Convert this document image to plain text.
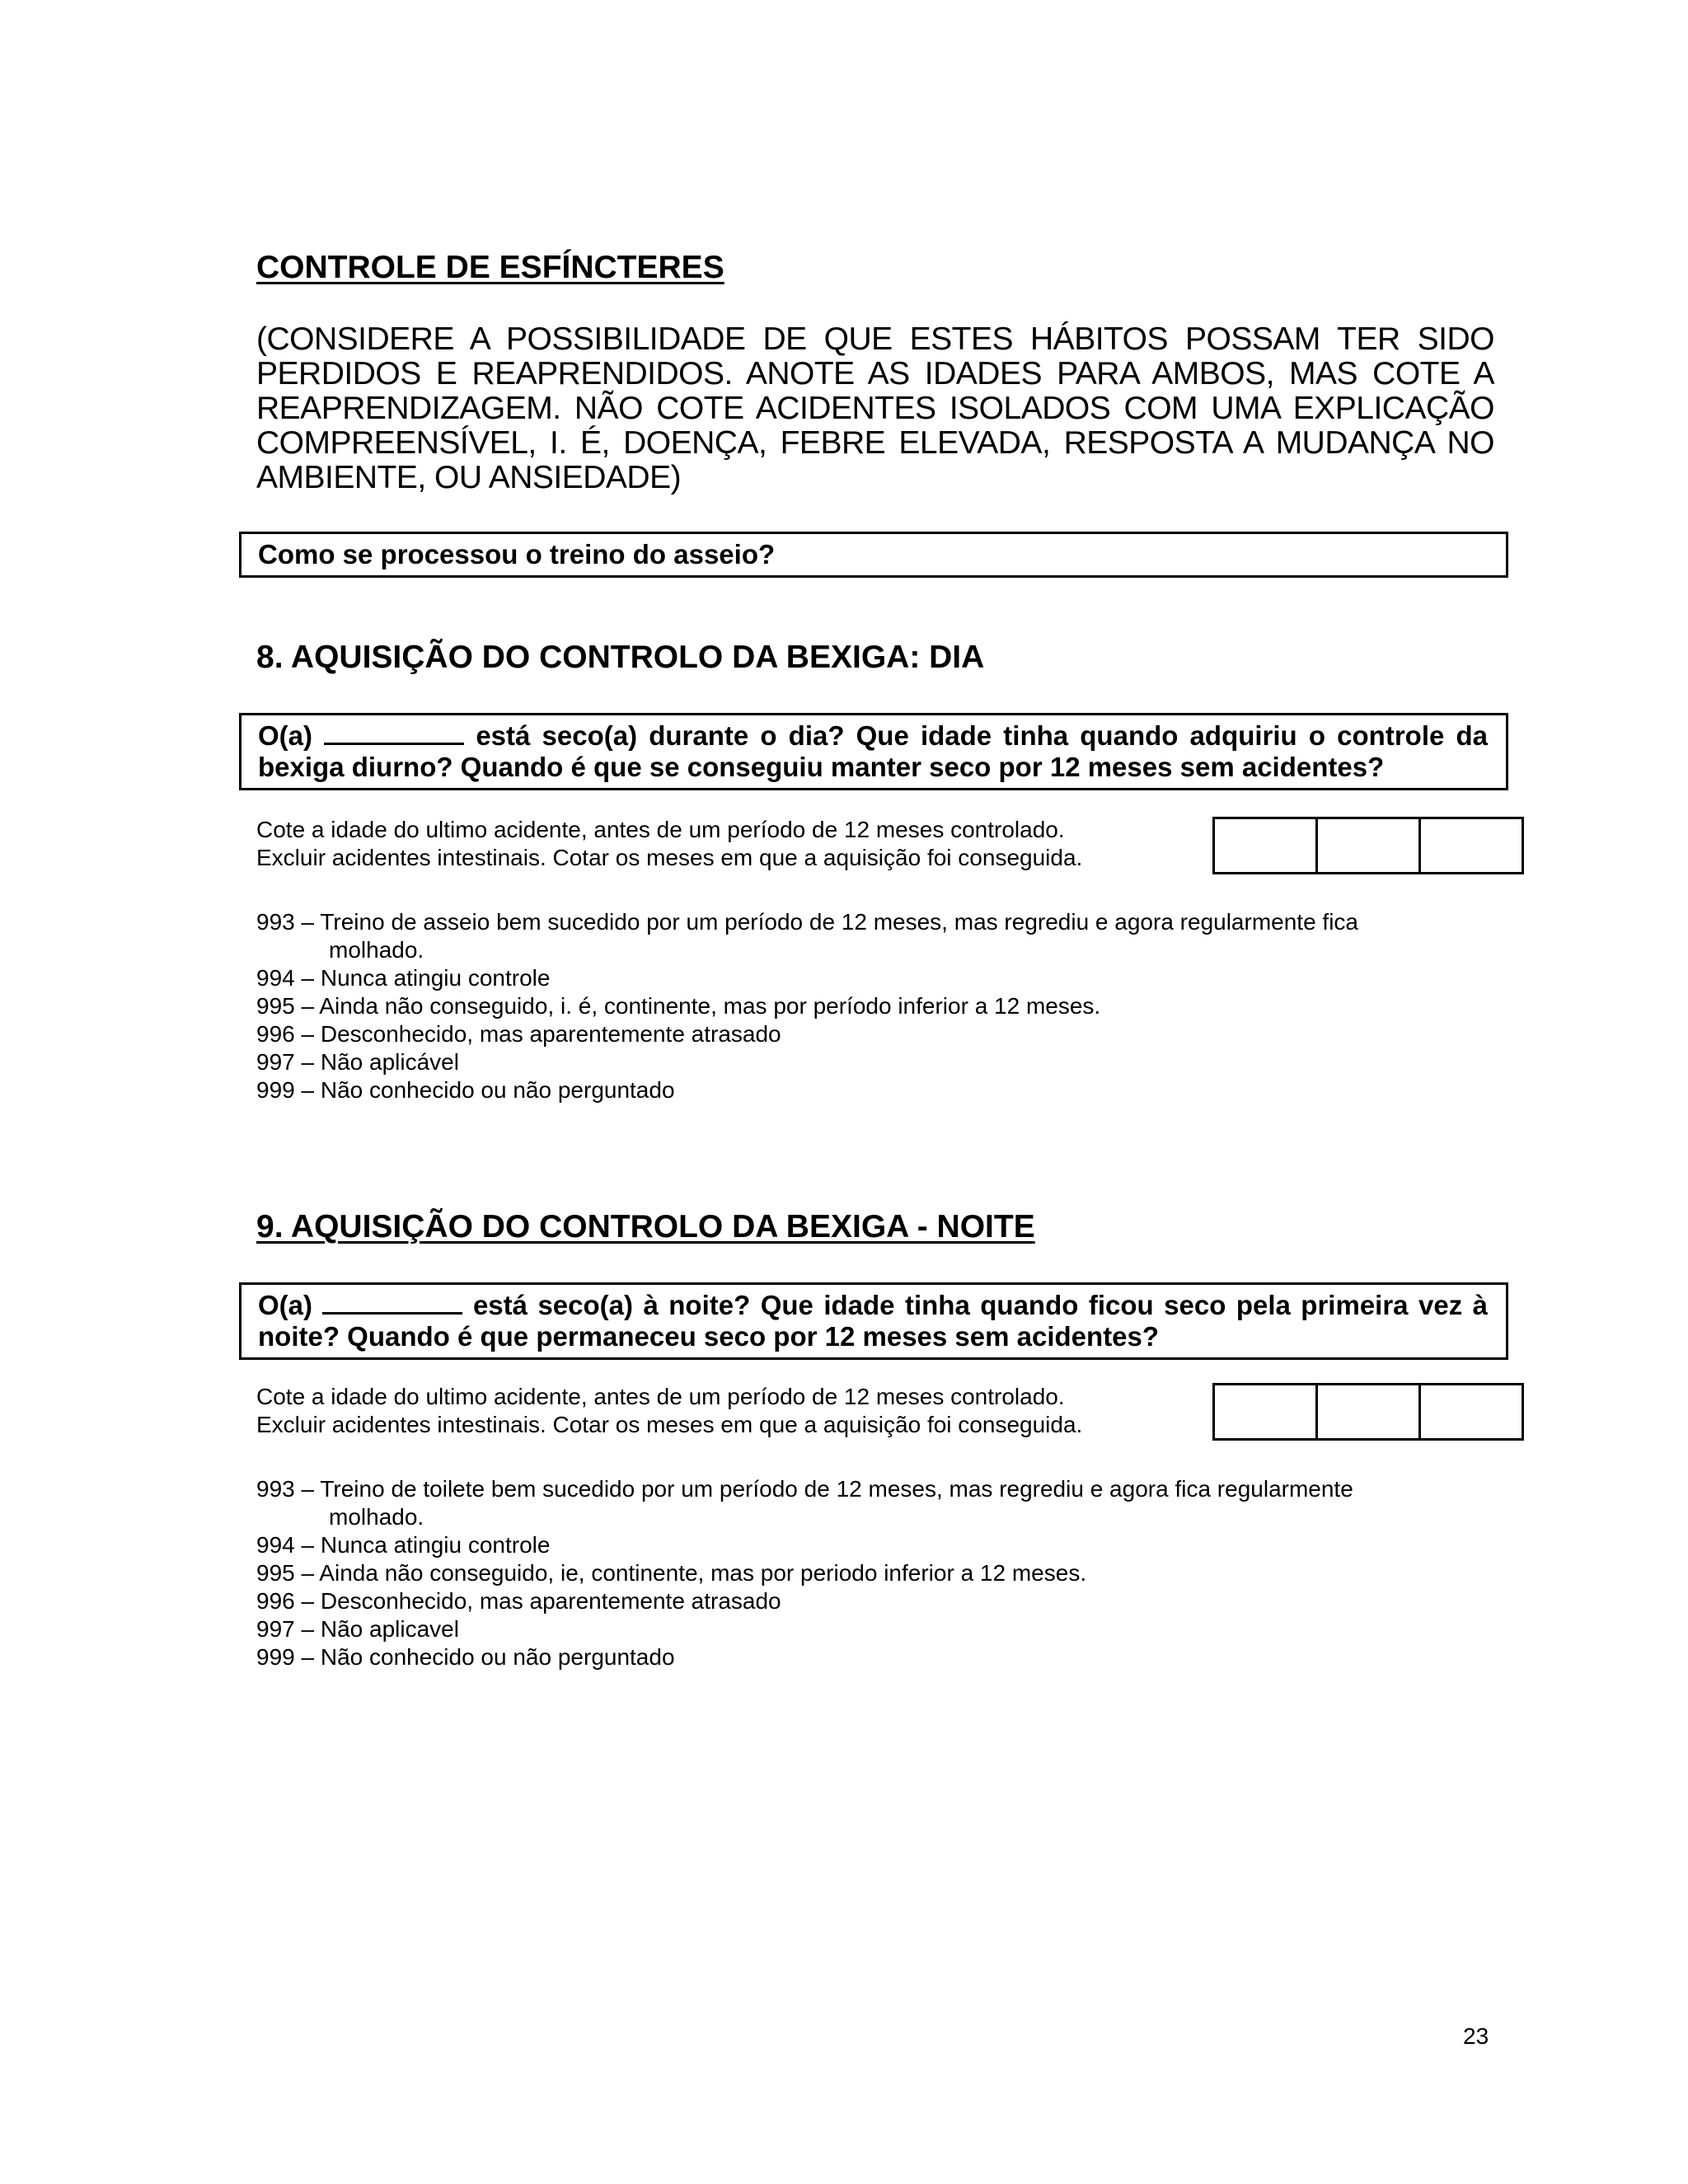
CONTROLE DE ESFÍNCTERES
(CONSIDERE A POSSIBILIDADE DE QUE ESTES HÁBITOS POSSAM TER SIDO
PERDIDOS E REAPRENDIDOS. ANOTE AS IDADES PARA AMBOS, MAS COTE A
REAPRENDIZAGEM. NÃO COTE ACIDENTES ISOLADOS COM UMA EXPLICAÇÃO
COMPREENSÍVEL, I. É, DOENÇA, FEBRE ELEVADA, RESPOSTA A MUDANÇA NO
AMBIENTE, OU ANSIEDADE)
Como se processou o treino do asseio?
8. AQUISIÇÃO DO CONTROLO DA BEXIGA: DIA
O(a)	está seco(a) durante o dia? Que idade tinha quando adquiriu o controle da
bexiga diurno? Quando é que se conseguiu manter seco por 12 meses sem acidentes?
Cote a idade do ultimo acidente, antes de um período de 12 meses controlado.
Excluir acidentes intestinais. Cotar os meses em que a aquisição foi conseguida.
993 – Treino de asseio bem sucedido por um período de 12 meses, mas regrediu e agora regularmente fica
molhado.
994 – Nunca atingiu controle
995 – Ainda não conseguido, i. é, continente, mas por período inferior a 12 meses.
996 – Desconhecido, mas aparentemente atrasado
997 – Não aplicável
999 – Não conhecido ou não perguntado
9. AQUISIÇÃO DO CONTROLO DA BEXIGA - NOITE
O(a)	está seco(a) à noite? Que idade tinha quando ficou seco pela primeira vez à
noite? Quando é que permaneceu seco por 12 meses sem acidentes?
Cote a idade do ultimo acidente, antes de um período de 12 meses controlado.
Excluir acidentes intestinais. Cotar os meses em que a aquisição foi conseguida.
993 – Treino de toilete bem sucedido por um período de 12 meses, mas regrediu e agora fica regularmente
molhado.
994 – Nunca atingiu controle
995 – Ainda não conseguido, ie, continente, mas por periodo inferior a 12 meses.
996 – Desconhecido, mas aparentemente atrasado
997 – Não aplicavel
999 – Não conhecido ou não perguntado
23
